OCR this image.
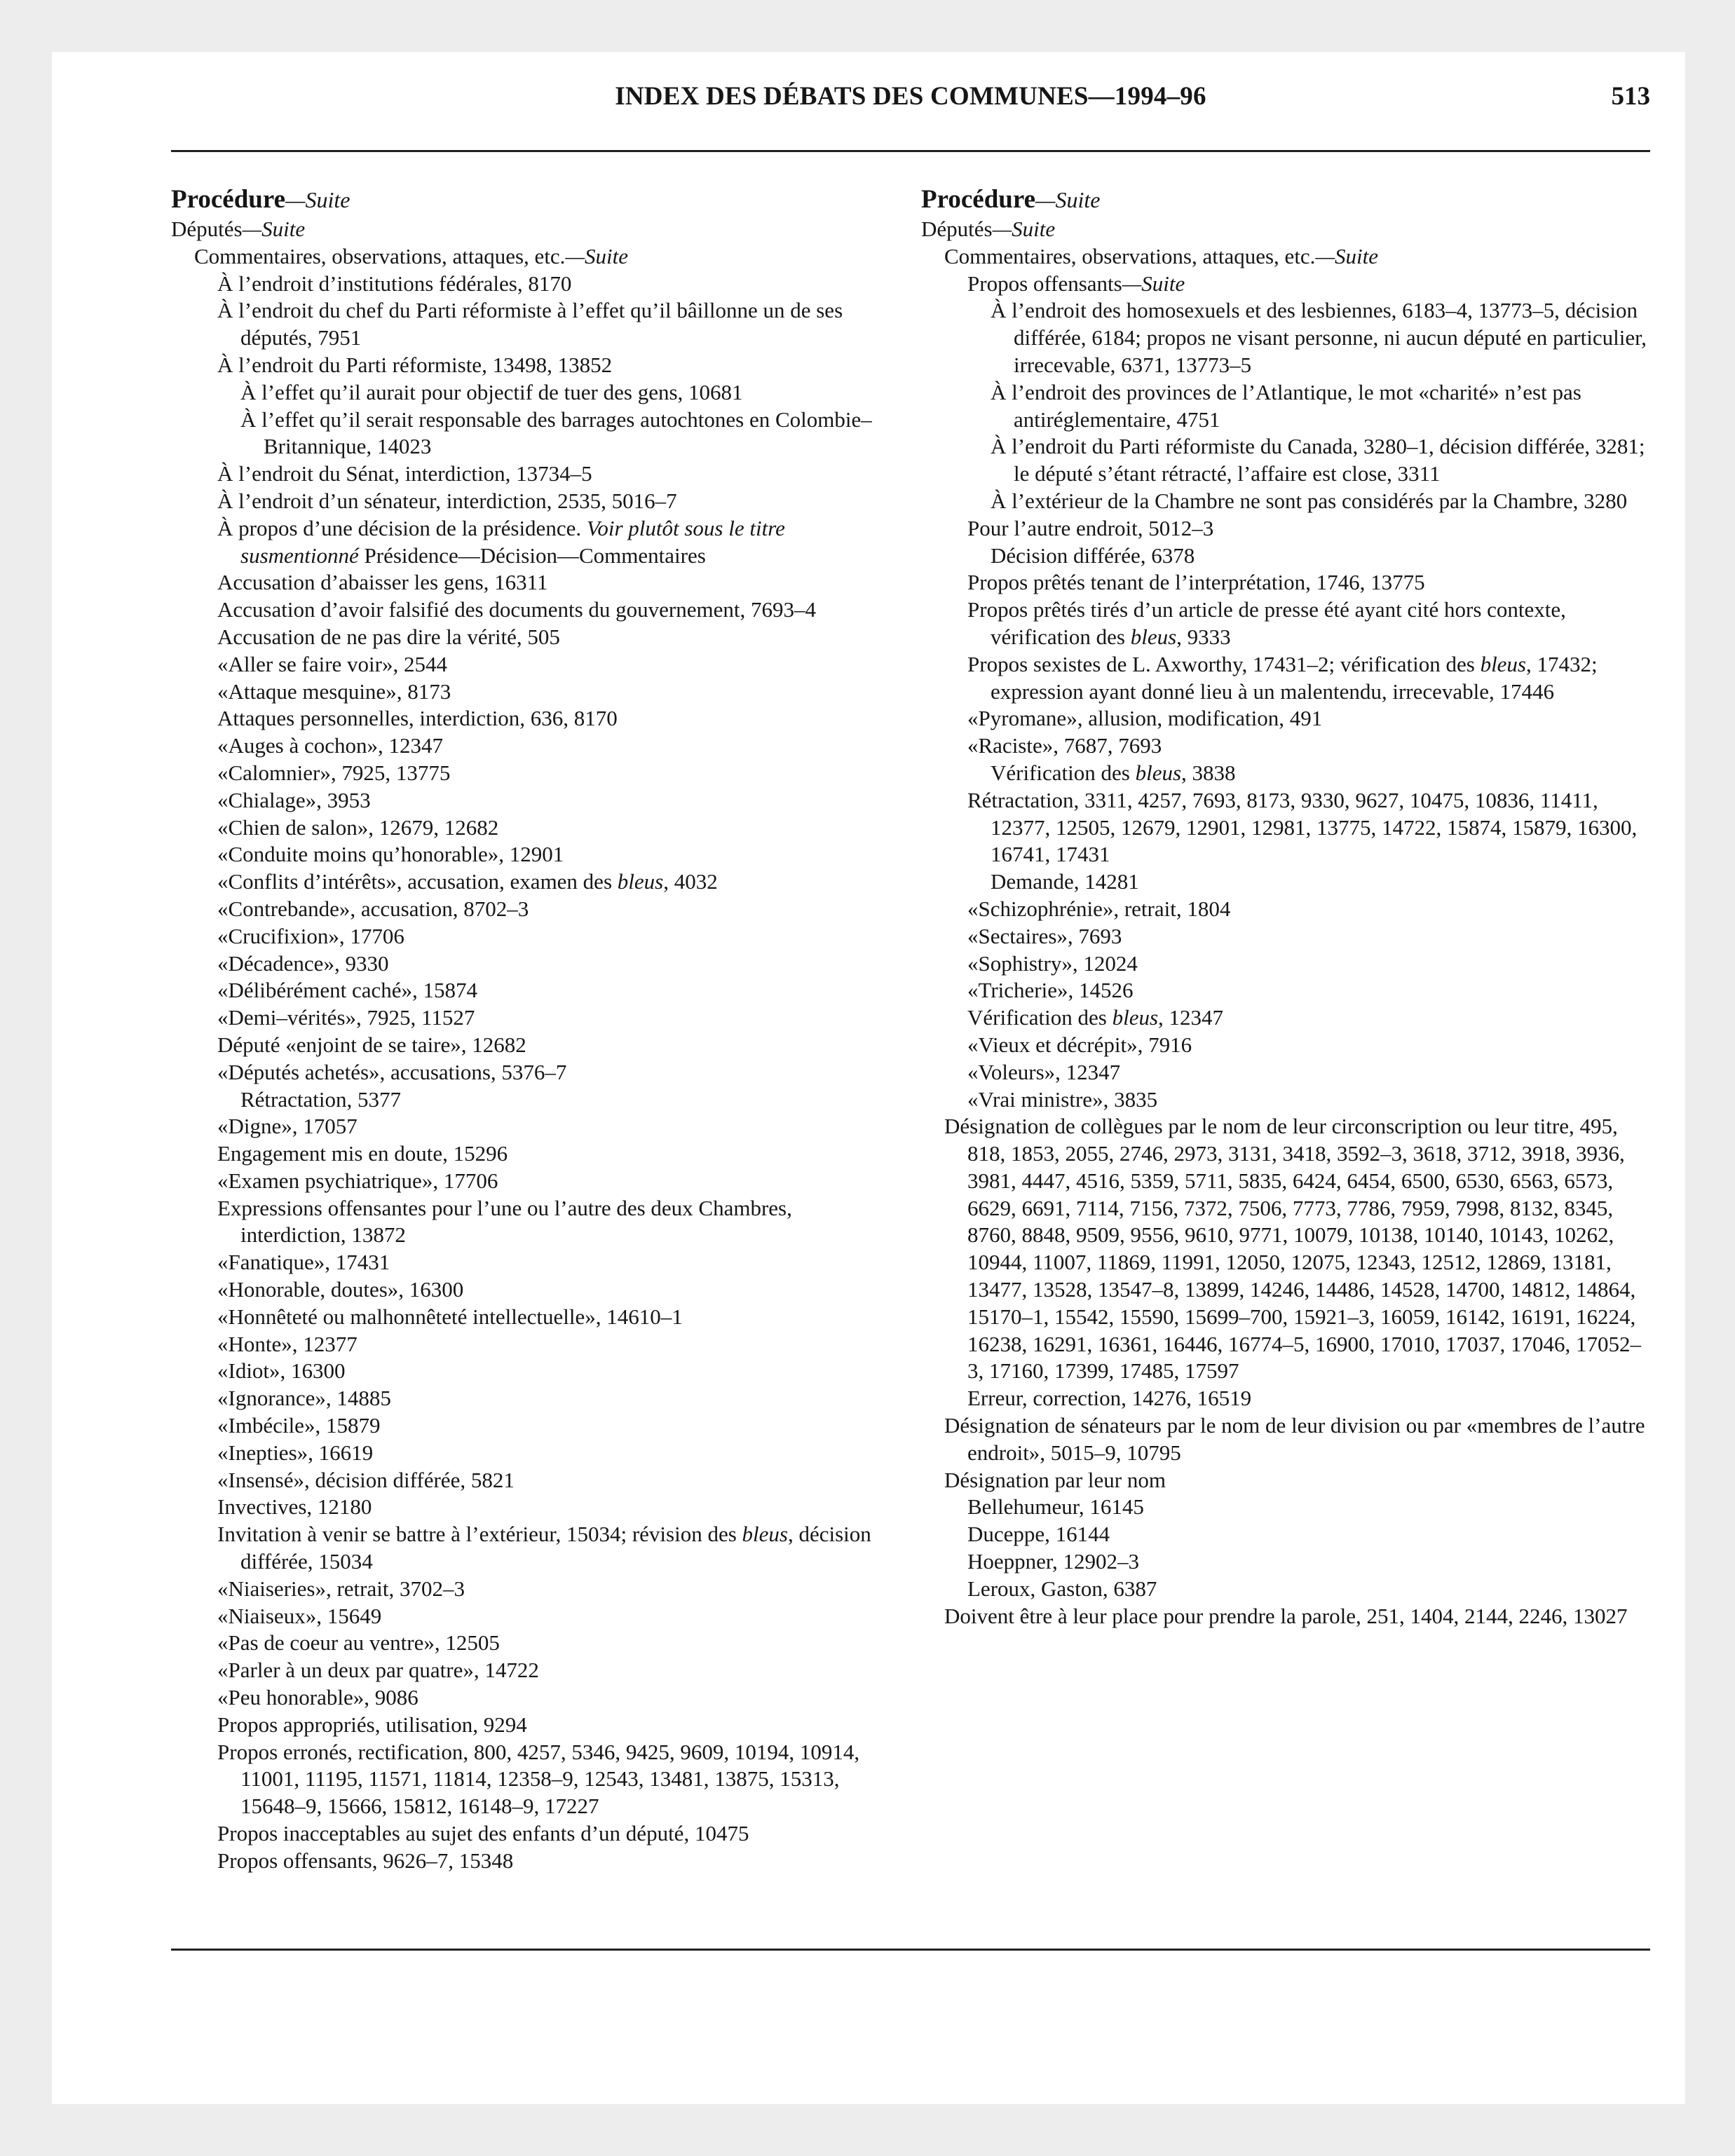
INDEX DES DÉBATS DES COMMUNES—1994–96	513
Procédure—Suite
Députés—Suite
Commentaires, observations, attaques, etc.—Suite
À l’endroit d’institutions fédérales, 8170
À l’endroit du chef du Parti réformiste à l’effet qu’il bâillonne un de ses députés, 7951
À l’endroit du Parti réformiste, 13498, 13852
À l’effet qu’il aurait pour objectif de tuer des gens, 10681
À l’effet qu’il serait responsable des barrages autochtones en Colombie–Britannique, 14023
À l’endroit du Sénat, interdiction, 13734–5
À l’endroit d’un sénateur, interdiction, 2535, 5016–7
À propos d’une décision de la présidence. Voir plutôt sous le titre susmentionné Présidence—Décision—Commentaires
Accusation d’abaisser les gens, 16311
Accusation d’avoir falsifié des documents du gouvernement, 7693–4
Accusation de ne pas dire la vérité, 505
«Aller se faire voir», 2544
«Attaque mesquine», 8173
Attaques personnelles, interdiction, 636, 8170
«Auges à cochon», 12347
«Calomnier», 7925, 13775
«Chialage», 3953
«Chien de salon», 12679, 12682
«Conduite moins qu’honorable», 12901
«Conflits d’intérêts», accusation, examen des bleus, 4032
«Contrebande», accusation, 8702–3
«Crucifixion», 17706
«Décadence», 9330
«Délibérément caché», 15874
«Demi–vérités», 7925, 11527
Député «enjoint de se taire», 12682
«Députés achetés», accusations, 5376–7
Rétractation, 5377
«Digne», 17057
Engagement mis en doute, 15296
«Examen psychiatrique», 17706
Expressions offensantes pour l’une ou l’autre des deux Chambres, interdiction, 13872
«Fanatique», 17431
«Honorable, doutes», 16300
«Honnêteté ou malhonnêteté intellectuelle», 14610–1
«Honte», 12377
«Idiot», 16300
«Ignorance», 14885
«Imbécile», 15879
«Inepties», 16619
«Insensé», décision différée, 5821
Invectives, 12180
Invitation à venir se battre à l’extérieur, 15034; révision des bleus, décision différée, 15034
«Niaiseries», retrait, 3702–3
«Niaiseux», 15649
«Pas de coeur au ventre», 12505
«Parler à un deux par quatre», 14722
«Peu honorable», 9086
Propos appropriés, utilisation, 9294
Propos erronés, rectification, 800, 4257, 5346, 9425, 9609, 10194, 10914, 11001, 11195, 11571, 11814, 12358–9, 12543, 13481, 13875, 15313, 15648–9, 15666, 15812, 16148–9, 17227
Propos inacceptables au sujet des enfants d’un député, 10475
Propos offensants, 9626–7, 15348
Procédure—Suite
Députés—Suite
Commentaires, observations, attaques, etc.—Suite
Propos offensants—Suite
À l’endroit des homosexuels et des lesbiennes, 6183–4, 13773–5, décision différée, 6184; propos ne visant personne, ni aucun député en particulier, irrecevable, 6371, 13773–5
À l’endroit des provinces de l’Atlantique, le mot «charité» n’est pas antiréglementaire, 4751
À l’endroit du Parti réformiste du Canada, 3280–1, décision différée, 3281; le député s’étant rétracté, l’affaire est close, 3311
À l’extérieur de la Chambre ne sont pas considérés par la Chambre, 3280
Pour l’autre endroit, 5012–3
Décision différée, 6378
Propos prêtés tenant de l’interprétation, 1746, 13775
Propos prêtés tirés d’un article de presse été ayant cité hors contexte, vérification des bleus, 9333
Propos sexistes de L. Axworthy, 17431–2; vérification des bleus, 17432; expression ayant donné lieu à un malentendu, irrecevable, 17446
«Pyromane», allusion, modification, 491
«Raciste», 7687, 7693
Vérification des bleus, 3838
Rétractation, 3311, 4257, 7693, 8173, 9330, 9627, 10475, 10836, 11411, 12377, 12505, 12679, 12901, 12981, 13775, 14722, 15874, 15879, 16300, 16741, 17431
Demande, 14281
«Schizophrénie», retrait, 1804
«Sectaires», 7693
«Sophistry», 12024
«Tricherie», 14526
Vérification des bleus, 12347
«Vieux et décrépit», 7916
«Voleurs», 12347
«Vrai ministre», 3835
Désignation de collègues par le nom de leur circonscription ou leur titre, 495, 818, 1853, 2055, 2746, 2973, 3131, 3418, 3592–3, 3618, 3712, 3918, 3936, 3981, 4447, 4516, 5359, 5711, 5835, 6424, 6454, 6500, 6530, 6563, 6573, 6629, 6691, 7114, 7156, 7372, 7506, 7773, 7786, 7959, 7998, 8132, 8345, 8760, 8848, 9509, 9556, 9610, 9771, 10079, 10138, 10140, 10143, 10262, 10944, 11007, 11869, 11991, 12050, 12075, 12343, 12512, 12869, 13181, 13477, 13528, 13547–8, 13899, 14246, 14486, 14528, 14700, 14812, 14864, 15170–1, 15542, 15590, 15699–700, 15921–3, 16059, 16142, 16191, 16224, 16238, 16291, 16361, 16446, 16774–5, 16900, 17010, 17037, 17046, 17052–3, 17160, 17399, 17485, 17597
Erreur, correction, 14276, 16519
Désignation de sénateurs par le nom de leur division ou par «membres de l’autre endroit», 5015–9, 10795
Désignation par leur nom
Bellehumeur, 16145
Duceppe, 16144
Hoeppner, 12902–3
Leroux, Gaston, 6387
Doivent être à leur place pour prendre la parole, 251, 1404, 2144, 2246, 13027
